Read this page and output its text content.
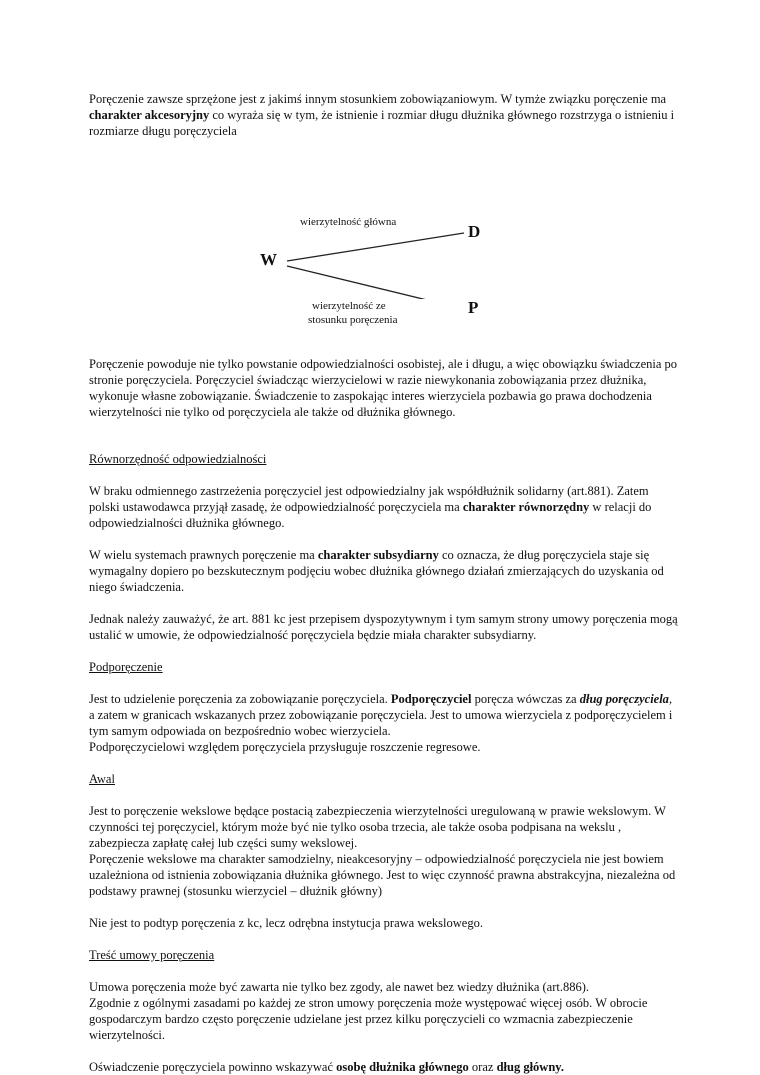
Poręczenie zawsze sprzężone jest z jakimś innym stosunkiem zobowiązaniowym. W tymże związku poręczenie ma charakter akcesoryjny co wyraża się w tym, że istnienie i rozmiar długu dłużnika głównego rozstrzyga o istnieniu i rozmiarze długu poręczyciela

wierzytelność główna
W
D
P
wierzytelność ze
stosunku poręczenia

Poręczenie powoduje nie tylko powstanie odpowiedzialności osobistej, ale i długu, a więc obowiązku świadczenia po stronie poręczyciela. Poręczyciel świadcząc wierzycielowi w razie niewykonania zobowiązania przez dłużnika, wykonuje własne zobowiązanie. Świadczenie to zaspokając interes wierzyciela pozbawia go prawa dochodzenia wierzytelności nie tylko od poręczyciela ale także od dłużnika głównego.

Równorzędność odpowiedzialności

W braku odmiennego zastrzeżenia poręczyciel jest odpowiedzialny jak współdłużnik solidarny (art.881). Zatem polski ustawodawca przyjął zasadę, że odpowiedzialność poręczyciela ma charakter równorzędny w relacji do odpowiedzialności dłużnika głównego.

W wielu systemach prawnych poręczenie ma charakter subsydiarny co oznacza, że dług poręczyciela staje się wymagalny dopiero po bezskutecznym podjęciu wobec dłużnika głównego działań zmierzających do uzyskania od niego świadczenia.

Jednak należy zauważyć, że art. 881 kc jest przepisem dyspozytywnym i tym samym strony umowy poręczenia mogą ustalić w umowie, że odpowiedzialność poręczyciela będzie miała charakter subsydiarny.

Podporęczenie

Jest to udzielenie poręczenia za zobowiązanie poręczyciela. Podporęczyciel poręcza wówczas za dług poręczyciela, a zatem w granicach wskazanych przez zobowiązanie poręczyciela. Jest to umowa wierzyciela z podporęczycielem i tym samym odpowiada on bezpośrednio wobec wierzyciela.

Podporęczycielowi względem poręczyciela przysługuje roszczenie regresowe.

Awal

Jest to poręczenie wekslowe będące postacią zabezpieczenia wierzytelności uregulowaną w prawie wekslowym. W czynności tej poręczyciel, którym może być nie tylko osoba trzecia, ale także osoba podpisana na wekslu , zabezpiecza zapłatę całej lub części sumy wekslowej.

Poręczenie wekslowe ma charakter samodzielny, nieakcesoryjny – odpowiedzialność poręczyciela nie jest bowiem uzależniona od istnienia zobowiązania dłużnika głównego. Jest to więc czynność prawna abstrakcyjna, niezależna od podstawy prawnej (stosunku wierzyciel – dłużnik główny)

Nie jest to podtyp poręczenia z kc, lecz odrębna instytucja prawa wekslowego.

Treść umowy poręczenia

Umowa poręczenia może być zawarta nie tylko bez zgody, ale nawet bez wiedzy dłużnika (art.886).

Zgodnie z ogólnymi zasadami po każdej ze stron umowy poręczenia może występować więcej osób. W obrocie gospodarczym bardzo często poręczenie udzielane jest przez kilku poręczycieli co wzmacnia zabezpieczenie wierzytelności.

Oświadczenie poręczyciela powinno wskazywać osobę dłużnika głównego oraz dług główny.
